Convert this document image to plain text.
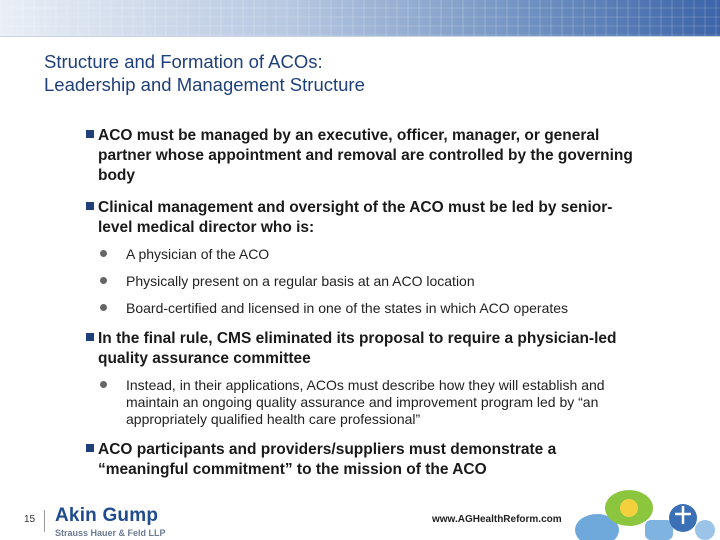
Structure and Formation of ACOs:
Leadership and Management Structure
ACO must be managed by an executive, officer, manager, or general partner whose appointment and removal are controlled by the governing body
Clinical management and oversight of the ACO must be led by senior-level medical director who is:
A physician of the ACO
Physically present on a regular basis at an ACO location
Board-certified and licensed in one of the states in which ACO operates
In the final rule, CMS eliminated its proposal to require a physician-led quality assurance committee
Instead, in their applications, ACOs must describe how they will establish and maintain an ongoing quality assurance and improvement program led by “an appropriately qualified health care professional”
ACO participants and providers/suppliers must demonstrate a “meaningful commitment” to the mission of the ACO
15 Akin Gump
Strauss Hauer & Feld LLP
www.AGHealthReform.com
